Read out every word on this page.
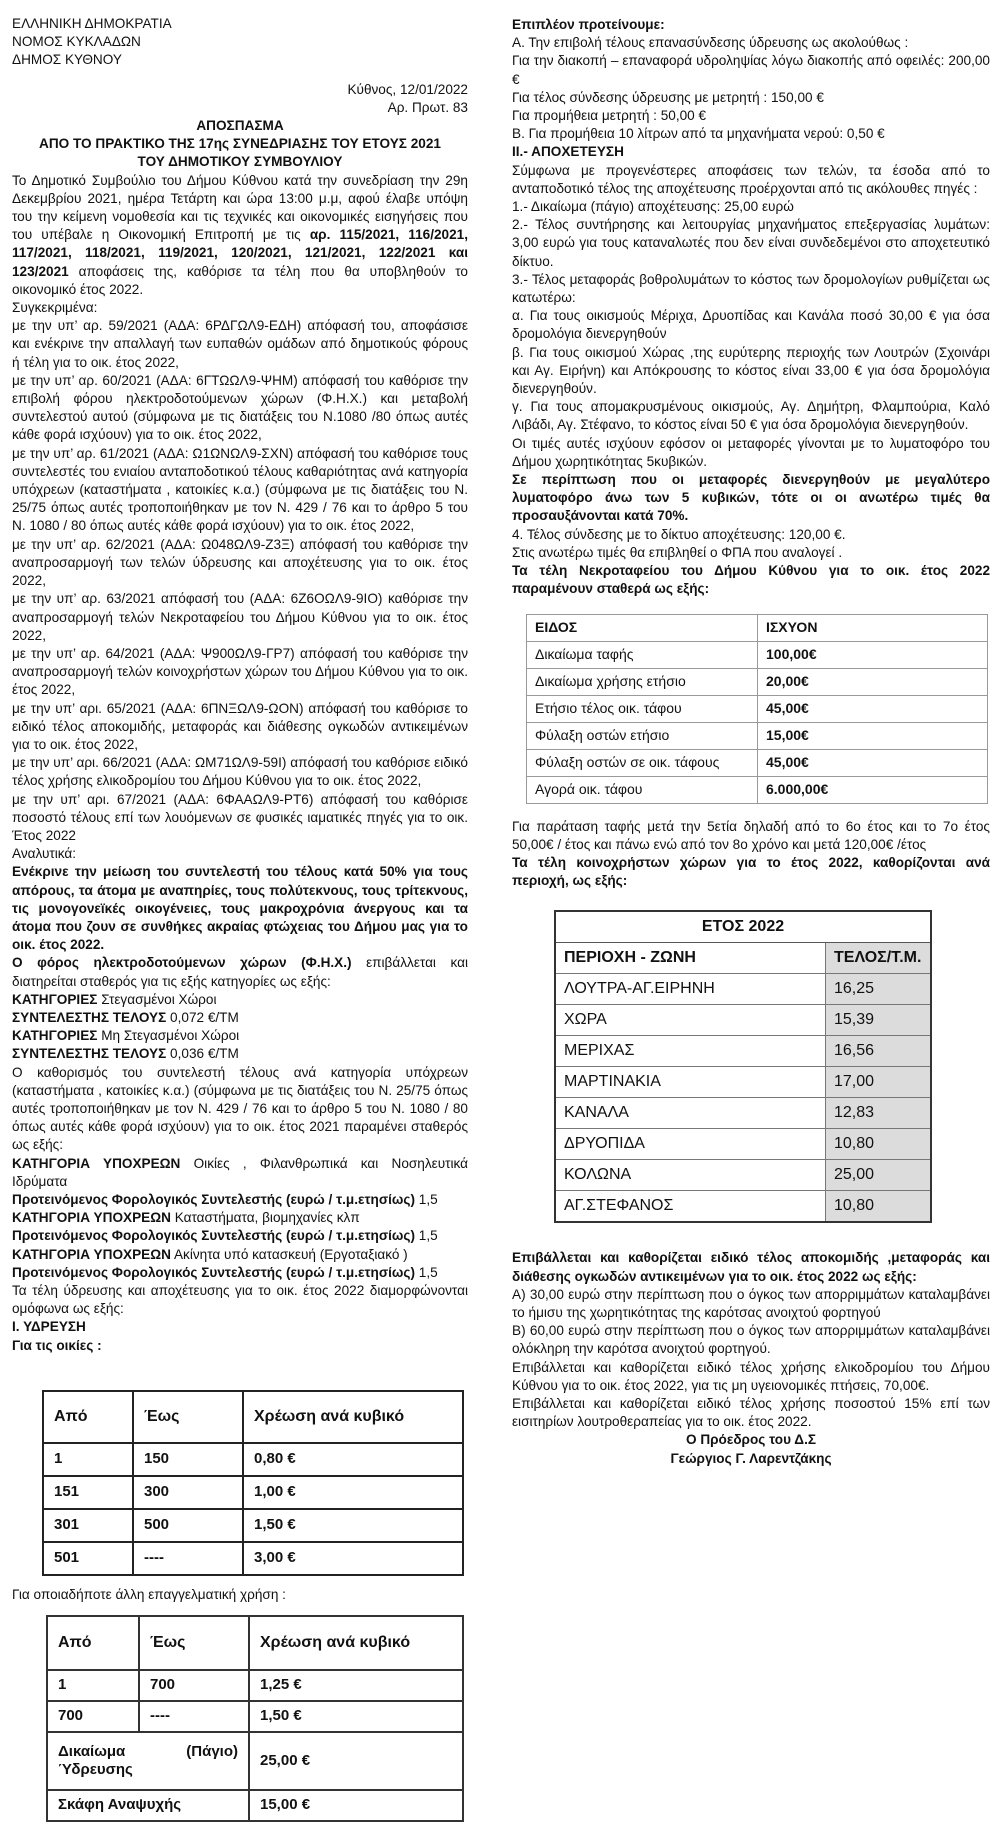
ΕΛΛΗΝΙΚΗ ΔΗΜΟΚΡΑΤΙΑ

ΝΟΜΟΣ ΚΥΚΛΑΔΩΝ

ΔΗΜΟΣ ΚΥΘΝΟΥ

Κύθνος, 12/01/2022

Αρ. Πρωτ. 83

ΑΠΟΣΠΑΣΜΑ

ΑΠΟ ΤΟ ΠΡΑΚΤΙΚΟ ΤΗΣ 17ης ΣΥΝΕΔΡΙΑΣΗΣ ΤΟΥ ΕΤΟΥΣ 2021

ΤΟΥ ΔΗΜΟΤΙΚΟΥ ΣΥΜΒΟΥΛΙΟΥ

Το Δημοτικό Συμβούλιο του Δήμου Κύθνου κατά την συνεδρίαση την 29η Δεκεμβρίου 2021, ημέρα Τετάρτη και ώρα 13:00 μ.μ, αφού έλαβε υπόψη του την κείμενη νομοθεσία και τις τεχνικές και οικονομικές εισηγήσεις που του υπέβαλε η Οικονομική Επιτροπή με τις αρ. 115/2021, 116/2021, 117/2021, 118/2021, 119/2021, 120/2021, 121/2021, 122/2021 και 123/2021 αποφάσεις της, καθόρισε τα τέλη που θα υποβληθούν το οικονομικό έτος 2022.

Συγκεκριμένα:

με την υπ’ αρ. 59/2021 (ΑΔΑ: 6ΡΔΓΩΛ9-ΕΔΗ) απόφασή του, αποφάσισε και ενέκρινε την απαλλαγή των ευπαθών ομάδων από δημοτικούς φόρους ή τέλη για το οικ. έτος 2022,

με την υπ’ αρ. 60/2021 (ΑΔΑ: 6ΓΤΩΩΛ9-ΨΗΜ) απόφασή του καθόρισε την επιβολή φόρου ηλεκτροδοτούμενων χώρων (Φ.Η.Χ.) και μεταβολή συντελεστού αυτού (σύμφωνα με τις διατάξεις του Ν.1080 /80 όπως αυτές κάθε φορά ισχύουν) για το οικ. έτος 2022,

με την υπ’ αρ. 61/2021 (ΑΔΑ: Ω1ΩΝΩΛ9-ΣΧΝ) απόφασή του καθόρισε τους συντελεστές του ενιαίου ανταποδοτικού τέλους καθαριότητας ανά κατηγορία υπόχρεων (καταστήματα , κατοικίες κ.α.) (σύμφωνα με τις διατάξεις του Ν. 25/75 όπως αυτές τροποποιήθηκαν με τον Ν. 429 / 76 και το άρθρο 5 του Ν. 1080 / 80 όπως αυτές κάθε φορά ισχύουν) για το οικ. έτος 2022,

με την υπ’ αρ. 62/2021 (ΑΔΑ: Ω048ΩΛ9-Ζ3Ξ) απόφασή του καθόρισε την αναπροσαρμογή των τελών ύδρευσης και αποχέτευσης για το οικ. έτος 2022,

με την υπ’ αρ. 63/2021 απόφασή του (ΑΔΑ: 6Ζ6ΟΩΛ9-9ΙΟ) καθόρισε την αναπροσαρμογή τελών Νεκροταφείου του Δήμου Κύθνου για το οικ. έτος 2022,

με την υπ’ αρ. 64/2021 (ΑΔΑ: Ψ900ΩΛ9-ΓΡ7) απόφασή του καθόρισε την αναπροσαρμογή τελών κοινοχρήστων χώρων του Δήμου Κύθνου για το οικ. έτος 2022,

με την υπ’ αρι. 65/2021 (ΑΔΑ: 6ΠΝΞΩΛ9-ΩΟΝ) απόφασή του καθόρισε το ειδικό τέλος αποκομιδής, μεταφοράς και διάθεσης ογκωδών αντικειμένων για το οικ. έτος 2022,

με την υπ’ αρι. 66/2021 (ΑΔΑ: ΩΜ71ΩΛ9-59Ι) απόφασή του καθόρισε ειδικό τέλος χρήσης ελικοδρομίου του Δήμου Κύθνου για το οικ. έτος 2022,

με την υπ’ αρι. 67/2021 (ΑΔΑ: 6ΦΑΑΩΛ9-ΡΤ6) απόφασή του καθόρισε ποσοστό τέλους επί των λουόμενων σε φυσικές ιαματικές πηγές για το οικ. Έτος 2022

Αναλυτικά:

Ενέκρινε την μείωση του συντελεστή του τέλους κατά 50% για τους απόρους, τα άτομα με αναπηρίες, τους πολύτεκνους, τους τρίτεκνους, τις μονογονεϊκές οικογένειες, τους μακροχρόνια άνεργους και τα άτομα που ζουν σε συνθήκες ακραίας φτώχειας του Δήμου μας για το οικ. έτος 2022.

Ο φόρος ηλεκτροδοτούμενων χώρων (Φ.Η.Χ.) επιβάλλεται και διατηρείται σταθερός για τις εξής κατηγορίες ως εξής:

ΚΑΤΗΓΟΡΙΕΣ Στεγασμένοι Χώροι

ΣΥΝΤΕΛΕΣΤΗΣ ΤΕΛΟΥΣ 0,072 €/ΤΜ

ΚΑΤΗΓΟΡΙΕΣ Μη Στεγασμένοι Χώροι

ΣΥΝΤΕΛΕΣΤΗΣ ΤΕΛΟΥΣ 0,036 €/ΤΜ

Ο καθορισμός του συντελεστή τέλους ανά κατηγορία υπόχρεων (καταστήματα , κατοικίες κ.α.) (σύμφωνα με τις διατάξεις του Ν. 25/75 όπως αυτές τροποποιήθηκαν με τον Ν. 429 / 76 και το άρθρο 5 του Ν. 1080 / 80 όπως αυτές κάθε φορά ισχύουν) για το οικ. έτος 2021 παραμένει σταθερός ως εξής:

ΚΑΤΗΓΟΡΙΑ ΥΠΟΧΡΕΩΝ Οικίες , Φιλανθρωπικά και Νοσηλευτικά Ιδρύματα

Προτεινόμενος Φορολογικός Συντελεστής (ευρώ / τ.μ.ετησίως) 1,5

ΚΑΤΗΓΟΡΙΑ ΥΠΟΧΡΕΩΝ Καταστήματα, βιομηχανίες κλπ

Προτεινόμενος Φορολογικός Συντελεστής (ευρώ / τ.μ.ετησίως) 1,5

ΚΑΤΗΓΟΡΙΑ ΥΠΟΧΡΕΩΝ Ακίνητα υπό κατασκευή (Εργοταξιακό )

Προτεινόμενος Φορολογικός Συντελεστής (ευρώ / τ.μ.ετησίως) 1,5

Τα τέλη ύδρευσης και αποχέτευσης για το οικ. έτος 2022 διαμορφώνονται ομόφωνα ως εξής:

Ι. ΥΔΡΕΥΣΗ

Για τις οικίες :

Από	Έως	Χρέωση ανά κυβικό
1	150	0,80 €
151	300	1,00 €
301	500	1,50 €
501	----	3,00 €

Για οποιαδήποτε άλλη επαγγελματική χρήση :

Από	Έως	Χρέωση ανά κυβικό
1	700	1,25 €
700	----	1,50 €

Δικαίωμα (Πάγιο)
Ύδρευσης		25,00 €
Σκάφη Αναψυχής		15,00 €

Επιπλέον προτείνουμε:

Α. Την επιβολή τέλους επανασύνδεσης ύδρευσης ως ακολούθως :

Για την διακοπή – επαναφορά υδροληψίας λόγω διακοπής από οφειλές: 200,00 €

Για τέλος σύνδεσης ύδρευσης με μετρητή : 150,00 €

Για προμήθεια μετρητή : 50,00 €

Β. Για προμήθεια 10 λίτρων από τα μηχανήματα νερού: 0,50 €

ΙΙ.- ΑΠΟΧΕΤΕΥΣΗ

Σύμφωνα με προγενέστερες αποφάσεις των τελών, τα έσοδα από το ανταποδοτικό τέλος της αποχέτευσης προέρχονται από τις ακόλουθες πηγές :

1.- Δικαίωμα (πάγιο) αποχέτευσης: 25,00 ευρώ

2.- Τέλος συντήρησης και λειτουργίας μηχανήματος επεξεργασίας λυμάτων: 3,00 ευρώ για τους καταναλωτές που δεν είναι συνδεδεμένοι στο αποχετευτικό δίκτυο.

3.- Τέλος μεταφοράς βοθρολυμάτων το κόστος των δρομολογίων ρυθμίζεται ως κατωτέρω:

α. Για τους οικισμούς Μέριχα, Δρυοπίδας και Κανάλα ποσό 30,00 € για όσα δρομολόγια διενεργηθούν

β. Για τους οικισμού Χώρας ,της ευρύτερης περιοχής των Λουτρών (Σχοινάρι και Αγ. Ειρήνη) και Απόκρουσης το κόστος είναι 33,00 € για όσα δρομολόγια διενεργηθούν.

γ. Για τους απομακρυσμένους οικισμούς, Αγ. Δημήτρη, Φλαμπούρια, Καλό Λιβάδι, Αγ. Στέφανο, το κόστος είναι 50 € για όσα δρομολόγια διενεργηθούν.

Οι τιμές αυτές ισχύουν εφόσον οι μεταφορές γίνονται με το λυματοφόρο του Δήμου χωρητικότητας 5κυβικών.

Σε περίπτωση που οι μεταφορές διενεργηθούν με μεγαλύτερο λυματοφόρο άνω των 5 κυβικών, τότε οι οι ανωτέρω τιμές θα προσαυξάνονται κατά 70%.

4. Τέλος σύνδεσης με το δίκτυο αποχέτευσης: 120,00 €.

Στις ανωτέρω τιμές θα επιβληθεί ο ΦΠΑ που αναλογεί .

Τα τέλη Νεκροταφείου του Δήμου Κύθνου για το οικ. έτος 2022 παραμένουν σταθερά ως εξής:

ΕΙΔΟΣ	ΙΣΧΥΟΝ
Δικαίωμα ταφής	100,00€
Δικαίωμα χρήσης ετήσιο	20,00€
Ετήσιο τέλος οικ. τάφου	45,00€
Φύλαξη οστών ετήσιο	15,00€
Φύλαξη οστών σε οικ. τάφους	45,00€
Αγορά οικ. τάφου	6.000,00€

Για παράταση ταφής μετά την 5ετία δηλαδή από το 6ο έτος και το 7ο έτος 50,00€ / έτος και πάνω ενώ από τον 8ο χρόνο και μετά 120,00€ /έτος

Τα τέλη κοινοχρήστων χώρων για το έτος 2022, καθορίζονται ανά περιοχή, ως εξής:

ΕΤΟΣ 2022	
ΠΕΡΙΟΧΗ - ΖΩΝΗ	ΤΕΛΟΣ/Τ.Μ.
ΛΟΥΤΡΑ-ΑΓ.ΕΙΡΗΝΗ	16,25
ΧΩΡΑ	15,39
ΜΕΡΙΧΑΣ	16,56
ΜΑΡΤΙΝΑΚΙΑ	17,00
ΚΑΝΑΛΑ	12,83
ΔΡΥΟΠΙΔΑ	10,80
ΚΟΛΩΝΑ	25,00
ΑΓ.ΣΤΕΦΑΝΟΣ	10,80

Επιβάλλεται και καθορίζεται ειδικό τέλος αποκομιδής ,μεταφοράς και διάθεσης ογκωδών αντικειμένων για το οικ. έτος 2022 ως εξής:

Α) 30,00 ευρώ στην περίπτωση που ο όγκος των απορριμμάτων καταλαμβάνει το ήμισυ της χωρητικότητας της καρότσας ανοιχτού φορτηγού

Β) 60,00 ευρώ στην περίπτωση που ο όγκος των απορριμμάτων καταλαμβάνει ολόκληρη την καρότσα ανοιχτού φορτηγού.

Επιβάλλεται και καθορίζεται ειδικό τέλος χρήσης ελικοδρομίου του Δήμου Κύθνου για το οικ. έτος 2022, για τις μη υγειονομικές πτήσεις, 70,00€.

Επιβάλλεται και καθορίζεται ειδικό τέλος χρήσης ποσοστού 15% επί των εισιτηρίων λουτροθεραπείας για το οικ. έτος 2022.

Ο Πρόεδρος του Δ.Σ

Γεώργιος Γ. Λαρεντζάκης
